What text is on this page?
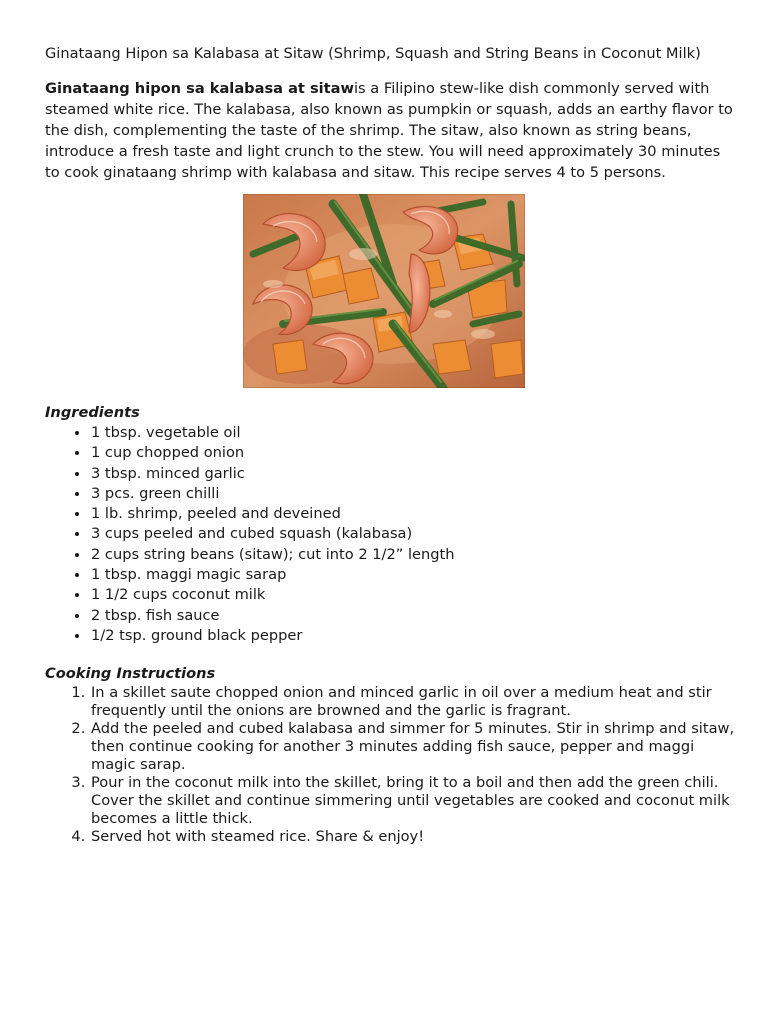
Ginataang Hipon sa Kalabasa at Sitaw (Shrimp, Squash and String Beans in Coconut Milk)

Ginataang hipon sa kalabasa at sitawis a Filipino stew-like dish commonly served with steamed white rice. The kalabasa, also known as pumpkin or squash, adds an earthy flavor to the dish, complementing the taste of the shrimp. The sitaw, also known as string beans, introduce a fresh taste and light crunch to the stew. You will need approximately 30 minutes to cook ginataang shrimp with kalabasa and sitaw. This recipe serves 4 to 5 persons.

Ingredients

• 1 tbsp. vegetable oil
• 1 cup chopped onion
• 3 tbsp. minced garlic
• 3 pcs. green chilli
• 1 lb. shrimp, peeled and deveined
• 3 cups peeled and cubed squash (kalabasa)
• 2 cups string beans (sitaw); cut into 2 1/2” length
• 1 tbsp. maggi magic sarap
• 1 1/2 cups coconut milk
• 2 tbsp. fish sauce
• 1/2 tsp. ground black pepper

Cooking Instructions

1. In a skillet saute chopped onion and minced garlic in oil over a medium heat and stir frequently until the onions are browned and the garlic is fragrant.
2. Add the peeled and cubed kalabasa and simmer for 5 minutes. Stir in shrimp and sitaw, then continue cooking for another 3 minutes adding fish sauce, pepper and maggi magic sarap.
3. Pour in the coconut milk into the skillet, bring it to a boil and then add the green chili. Cover the skillet and continue simmering until vegetables are cooked and coconut milk becomes a little thick.
4. Served hot with steamed rice. Share & enjoy!
